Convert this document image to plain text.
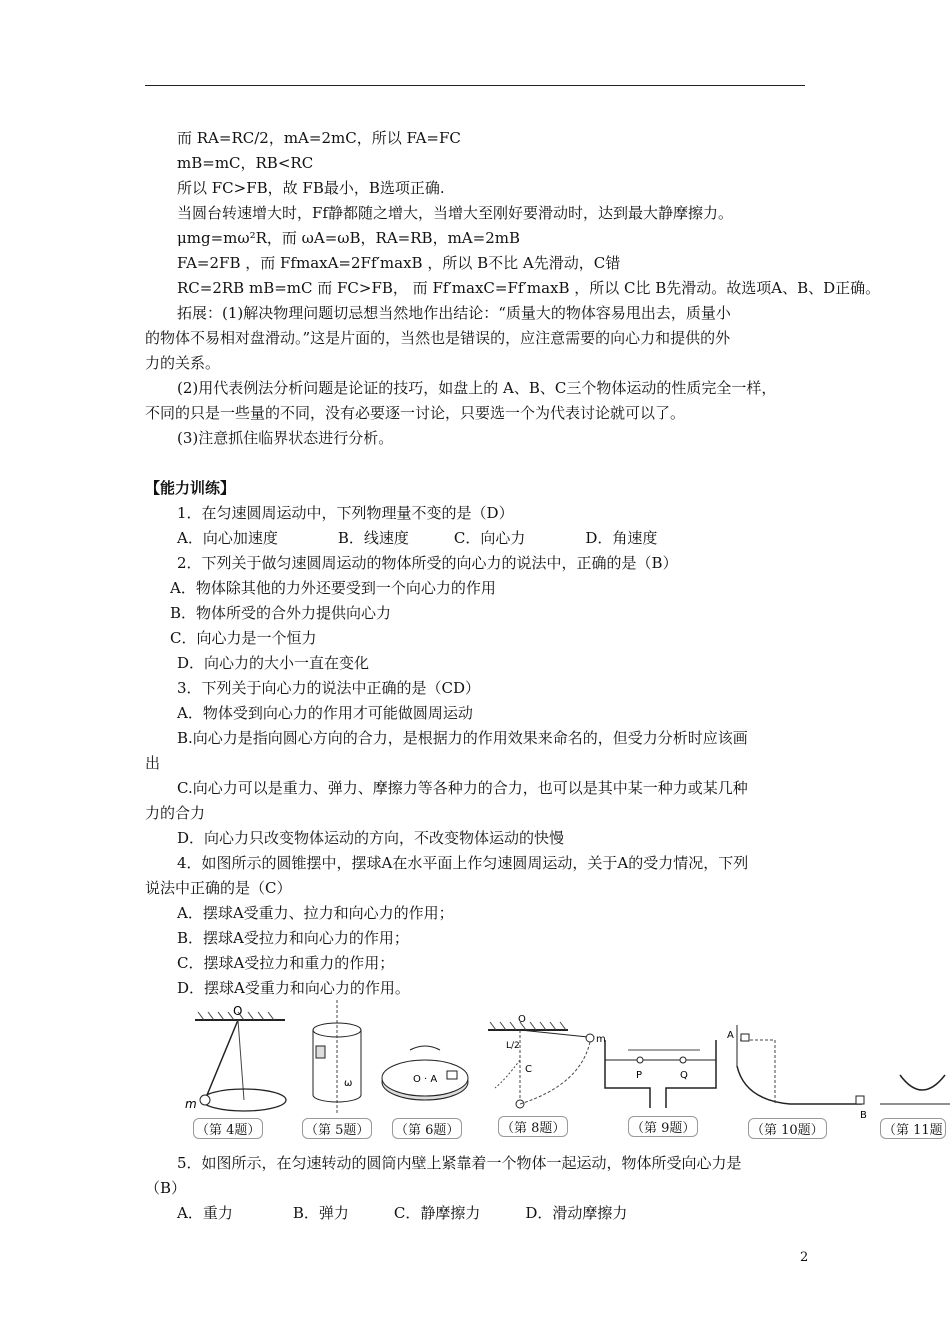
而 RA=RC/2，mA=2mC，所以 FA=FC
mB=mC，RB<RC
所以 FC>FB，故 FB最小，B选项正确.
当圆台转速增大时，Ff静都随之增大，当增大至刚好要滑动时，达到最大静摩擦力。
μmg=mω²R，而 ωA=ωB，RA=RB，mA=2mB
FA=2FB ，而 FfmaxA=2Ff′maxB ，所以 B不比 A先滑动，C错
RC=2RB mB=mC 而 FC>FB， 而 Ff′maxC=Ff′maxB ，所以 C比 B先滑动。故选项A、B、D正确。
拓展：(1)解决物理问题切忌想当然地作出结论：“质量大的物体容易甩出去，质量小
的物体不易相对盘滑动。”这是片面的，当然也是错误的，应注意需要的向心力和提供的外
力的关系。
(2)用代表例法分析问题是论证的技巧，如盘上的 A、B、C三个物体运动的性质完全一样，
不同的只是一些量的不同，没有必要逐一讨论，只要选一个为代表讨论就可以了。
(3)注意抓住临界状态进行分析。
【能力训练】
1．在匀速圆周运动中，下列物理量不变的是（D）
A．向心加速度　　　　B．线速度　　　C．向心力　　　　D．角速度
2．下列关于做匀速圆周运动的物体所受的向心力的说法中，正确的是（B）
A．物体除其他的力外还要受到一个向心力的作用
B．物体所受的合外力提供向心力
C．向心力是一个恒力
D．向心力的大小一直在变化
3．下列关于向心力的说法中正确的是（CD）
A．物体受到向心力的作用才可能做圆周运动
B.向心力是指向圆心方向的合力，是根据力的作用效果来命名的，但受力分析时应该画
出
C.向心力可以是重力、弹力、摩擦力等各种力的合力，也可以是其中某一种力或某几种
力的合力
D．向心力只改变物体运动的方向，不改变物体运动的快慢
4．如图所示的圆锥摆中，摆球A在水平面上作匀速圆周运动，关于A的受力情况，下列
说法中正确的是（C）
A．摆球A受重力、拉力和向心力的作用；
B．摆球A受拉力和向心力的作用；
C．摆球A受拉力和重力的作用；
D．摆球A受重力和向心力的作用。
5．如图所示，在匀速转动的圆筒内壁上紧靠着一个物体一起运动，物体所受向心力是
（B）
A．重力　　　　B．弹力　　　C．静摩擦力　　　D．滑动摩擦力
O
m
ω	O · A
O
L/2
C
m
P	Q
A
B
（第 4题）	（第 5题） （第 6题）	（第 8题）	（第 9题）	（第 10题）	（第 11题
2
